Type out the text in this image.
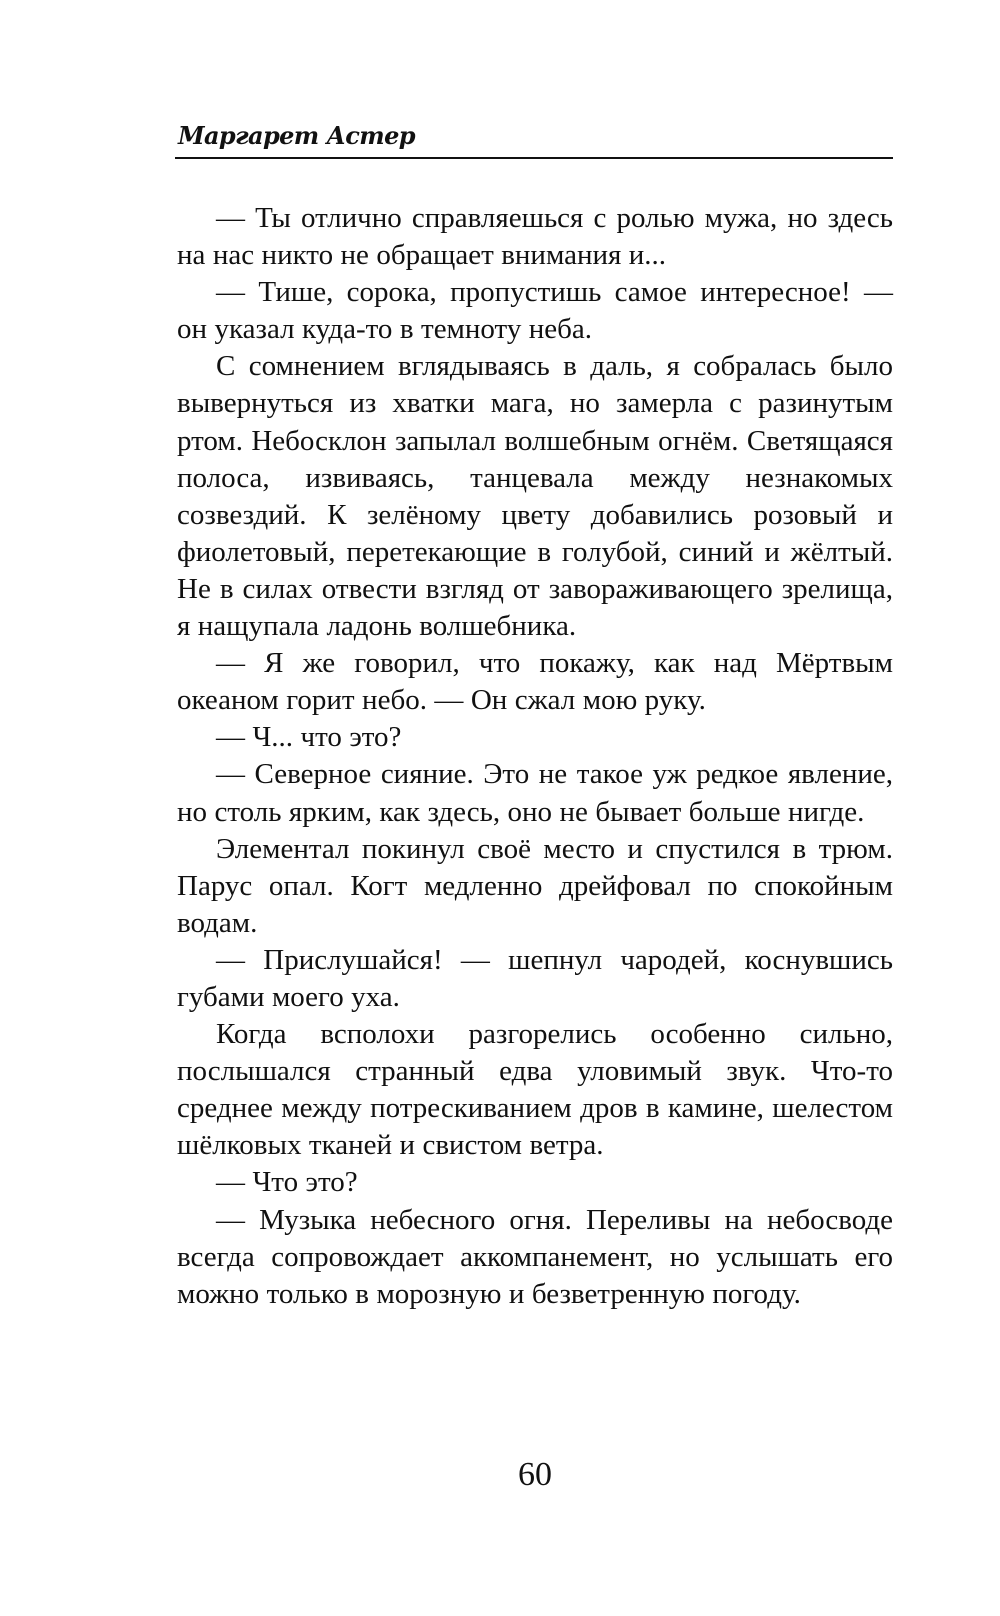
Маргарет Астер

— Ты отлично справляешься с ролью мужа, но здесь на нас никто не обращает внимания и...

— Тише, сорока, пропустишь самое интересное! — он указал куда-то в темноту неба.

С сомнением вглядываясь в даль, я собралась было вывернуться из хватки мага, но замерла с разинутым ртом. Небосклон запылал волшебным огнём. Светящаяся полоса, извиваясь, танцевала между незнакомых созвездий. К зелёному цвету добавились розовый и фиолетовый, перетекающие в голубой, синий и жёлтый. Не в силах отвести взгляд от завораживающего зрелища, я нащупала ладонь волшебника.

— Я же говорил, что покажу, как над Мёртвым океаном горит небо. — Он сжал мою руку.

— Ч... что это?

— Северное сияние. Это не такое уж редкое явление, но столь ярким, как здесь, оно не бывает больше нигде.

Элементал покинул своё место и спустился в трюм. Парус опал. Когт медленно дрейфовал по спокойным водам.

— Прислушайся! — шепнул чародей, коснувшись губами моего уха.

Когда всполохи разгорелись особенно сильно, послышался странный едва уловимый звук. Что-то среднее между потрескиванием дров в камине, шелестом шёлковых тканей и свистом ветра.

— Что это?

— Музыка небесного огня. Переливы на небосводе всегда сопровождает аккомпанемент, но услышать его можно только в морозную и безветренную погоду.

60
